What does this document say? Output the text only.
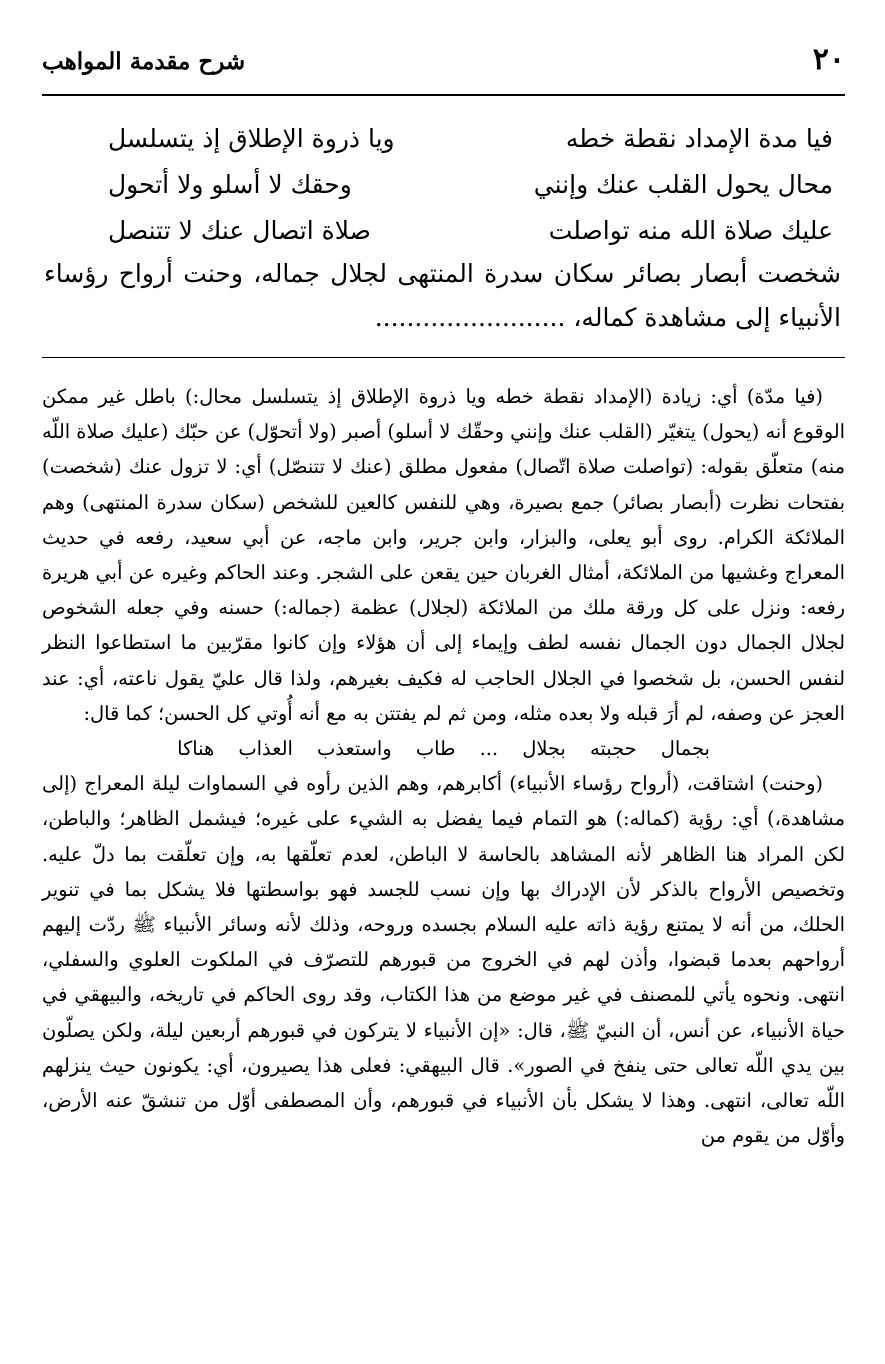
٢٠
شرح مقدمة المواهب
فيا مدة الإمداد نقطة خطه
ويا ذروة الإطلاق إذ يتسلسل
محال يحول القلب عنك وإنني
وحقك لا أسلو ولا أتحول
عليك صلاة الله منه تواصلت
صلاة اتصال عنك لا تتنصل

شخصت أبصار بصائر سكان سدرة المنتهى لجلال جماله، وحنت أرواح رؤساء الأنبياء إلى مشاهدة كماله، ........................

(فيا مدّة) أي: زيادة (الإمداد نقطة خطه ويا ذروة الإطلاق إذ يتسلسل محال:) باطل غير ممكن الوقوع أنه (يحول) يتغيّر (القلب عنك وإنني وحقّك لا أسلو) أصبر (ولا أتحوّل) عن حبّك (عليك صلاة اللّه منه) متعلّق بقوله: (تواصلت صلاة اتّصال) مفعول مطلق (عنك لا تتنصّل) أي: لا تزول عنك (شخصت) بفتحات نظرت (أبصار بصائر) جمع بصيرة، وهي للنفس كالعين للشخص (سكان سدرة المنتهى) وهم الملائكة الكرام. روى أبو يعلى، والبزار، وابن جرير، وابن ماجه، عن أبي سعيد، رفعه في حديث المعراج وغشيها من الملائكة، أمثال الغربان حين يقعن على الشجر. وعند الحاكم وغيره عن أبي هريرة رفعه: ونزل على كل ورقة ملك من الملائكة (لجلال) عظمة (جماله:) حسنه وفي جعله الشخوص لجلال الجمال دون الجمال نفسه لطف وإيماء إلى أن هؤلاء وإن كانوا مقرّبين ما استطاعوا النظر لنفس الحسن، بل شخصوا في الجلال الحاجب له فكيف بغيرهم، ولذا قال عليّ يقول ناعته، أي: عند العجز عن وصفه، لم أرَ قبله ولا بعده مثله، ومن ثم لم يفتتن به مع أنه أُوتي كل الحسن؛ كما قال:

بجمال حجبته بجلال ... طاب واستعذب العذاب هناكا

(وحنت) اشتاقت، (أرواح رؤساء الأنبياء) أكابرهم، وهم الذين رأوه في السماوات ليلة المعراج (إلى مشاهدة،) أي: رؤية (كماله:) هو التمام فيما يفضل به الشيء على غيره؛ فيشمل الظاهر؛ والباطن، لكن المراد هنا الظاهر لأنه المشاهد بالحاسة لا الباطن، لعدم تعلّقها به، وإن تعلّقت بما دلّ عليه. وتخصيص الأرواح بالذكر لأن الإدراك بها وإن نسب للجسد فهو بواسطتها فلا يشكل بما في تنوير الحلك، من أنه لا يمتنع رؤية ذاته عليه السلام بجسده وروحه، وذلك لأنه وسائر الأنبياء ﷺ ردّت إليهم أرواحهم بعدما قبضوا، وأذن لهم في الخروج من قبورهم للتصرّف في الملكوت العلوي والسفلي، انتهى. ونحوه يأتي للمصنف في غير موضع من هذا الكتاب، وقد روى الحاكم في تاريخه، والبيهقي في حياة الأنبياء، عن أنس، أن النبيّ ﷺ، قال: «إن الأنبياء لا يتركون في قبورهم أربعين ليلة، ولكن يصلّون بين يدي اللّه تعالى حتى ينفخ في الصور». قال البيهقي: فعلى هذا يصيرون، أي: يكونون حيث ينزلهم اللّه تعالى، انتهى. وهذا لا يشكل بأن الأنبياء في قبورهم، وأن المصطفى أوّل من تنشقّ عنه الأرض، وأوّل من يقوم من
